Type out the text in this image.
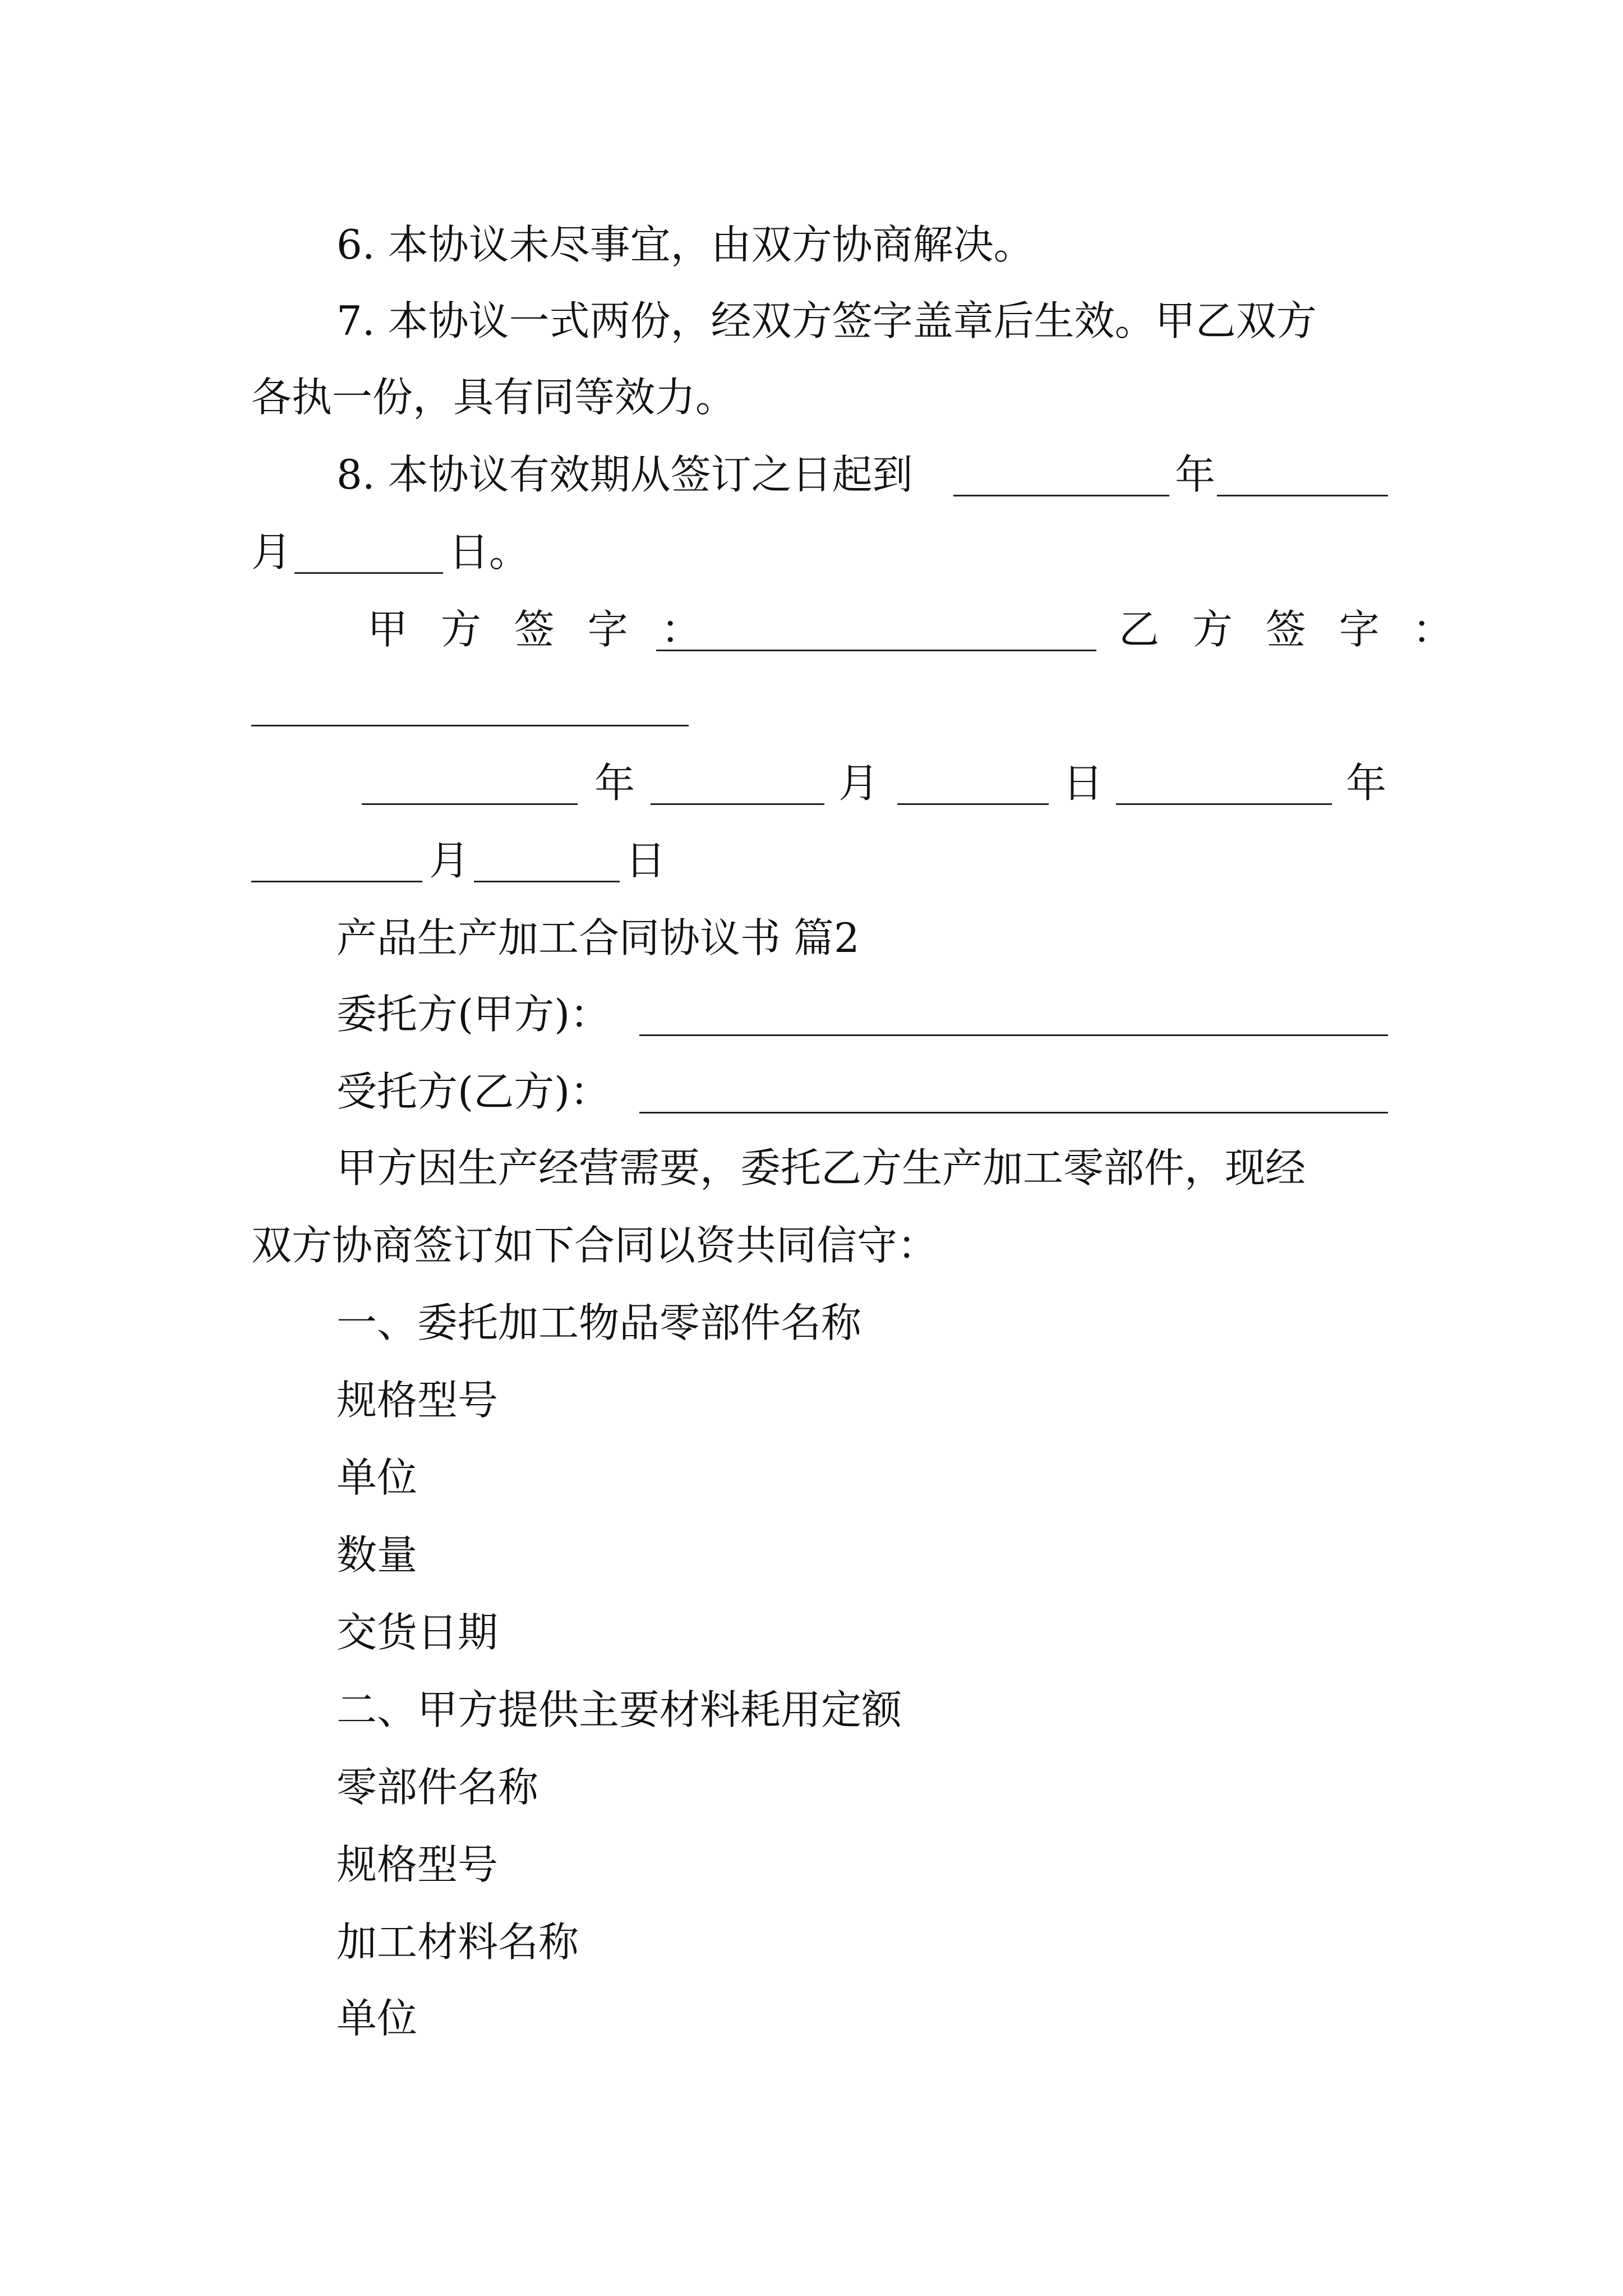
6. 本协议未尽事宜，由双方协商解决。
7. 本协议一式两份，经双方签字盖章后生效。甲乙双方
各执一份，具有同等效力。
8. 本协议有效期从签订之日起到	年
月	日。
甲 方 签 字 ：	乙 方 签 字 ：
年	月	日	年
月	日
产品生产加工合同协议书 篇2
委托方(甲方)：
受托方(乙方)：
甲方因生产经营需要，委托乙方生产加工零部件，现经
双方协商签订如下合同以资共同信守：
一、委托加工物品零部件名称
规格型号
单位
数量
交货日期
二、甲方提供主要材料耗用定额
零部件名称
规格型号
加工材料名称
单位
